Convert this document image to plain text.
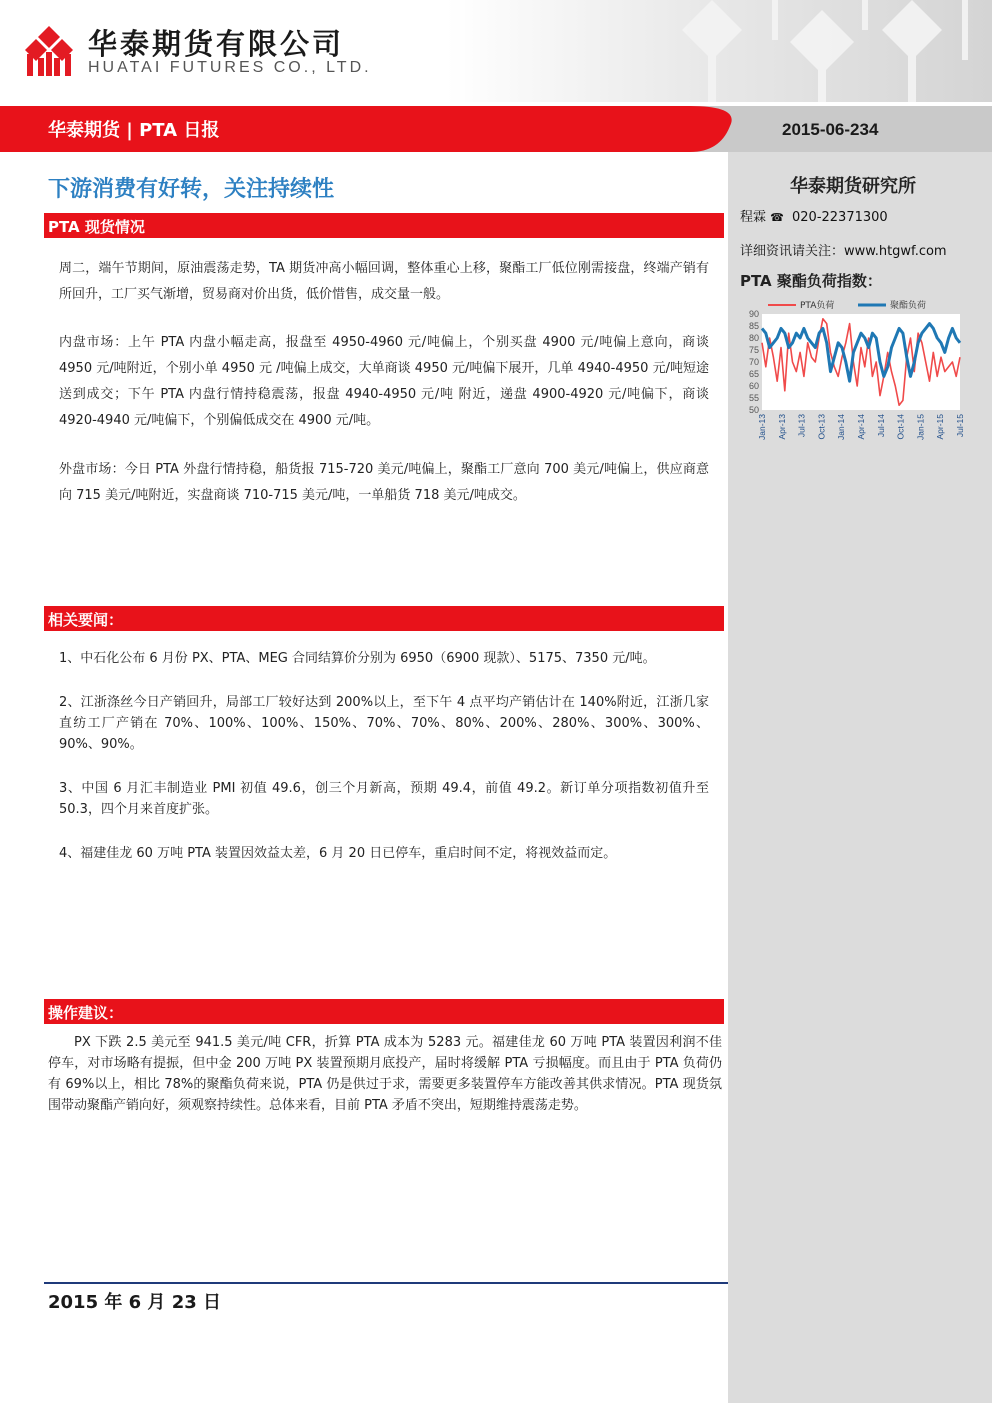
华泰期货有限公司
HUATAI FUTURES CO., LTD.
华泰期货 | PTA 日报	2015-06-234
华泰期货研究所
程霖 ☎ 020-22371300
详细资讯请关注：www.htgwf.com
PTA 聚酯负荷指数：
90
85
80
75
70
65
60
55
50
Jan-13 Apr-13 Jul-13 Oct-13 Jan-14 Apr-14 Jul-14 Oct-14 Jan-15 Apr-15 Jul-15
PTA负荷	聚酯负荷
下游消费有好转，关注持续性
PTA 现货情况
周二，端午节期间，原油震荡走势，TA 期货冲高小幅回调，整体重心上移，聚酯工厂低位刚需接盘，终端产销有所回升，工厂买气渐增，贸易商对价出货，低价惜售，成交量一般。
内盘市场：上午 PTA 内盘小幅走高，报盘至 4950-4960 元/吨偏上，个别买盘 4900 元/吨偏上意向，商谈 4950 元/吨附近，个别小单 4950 元 /吨偏上成交，大单商谈 4950 元/吨偏下展开，几单 4940-4950 元/吨短途送到成交；下午 PTA 内盘行情持稳震荡，报盘 4940-4950 元/吨 附近，递盘 4900-4920 元/吨偏下，商谈 4920-4940 元/吨偏下，个别偏低成交在 4900 元/吨。
外盘市场：今日 PTA 外盘行情持稳，船货报 715-720 美元/吨偏上，聚酯工厂意向 700 美元/吨偏上，供应商意向 715 美元/吨附近，实盘商谈 710-715 美元/吨，一单船货 718 美元/吨成交。
相关要闻：
1、中石化公布 6 月份 PX、PTA、MEG 合同结算价分别为 6950（6900 现款）、5175、7350 元/吨。
2、江浙涤丝今日产销回升，局部工厂较好达到 200%以上，至下午 4 点平均产销估计在 140%附近，江浙几家直纺工厂产销在 70%、100%、100%、150%、70%、70%、80%、200%、280%、300%、300%、90%、90%。
3、中国 6 月汇丰制造业 PMI 初值 49.6，创三个月新高，预期 49.4，前值 49.2。新订单分项指数初值升至 50.3，四个月来首度扩张。
4、福建佳龙 60 万吨 PTA 装置因效益太差，6 月 20 日已停车，重启时间不定，将视效益而定。
操作建议：
PX 下跌 2.5 美元至 941.5 美元/吨 CFR，折算 PTA 成本为 5283 元。福建佳龙 60 万吨 PTA 装置因利润不佳停车，对市场略有提振，但中金 200 万吨 PX 装置预期月底投产，届时将缓解 PTA 亏损幅度。而且由于 PTA 负荷仍有 69%以上，相比 78%的聚酯负荷来说，PTA 仍是供过于求，需要更多装置停车方能改善其供求情况。PTA 现货氛围带动聚酯产销向好，须观察持续性。总体来看，目前 PTA 矛盾不突出，短期维持震荡走势。
2015 年 6 月 23 日
